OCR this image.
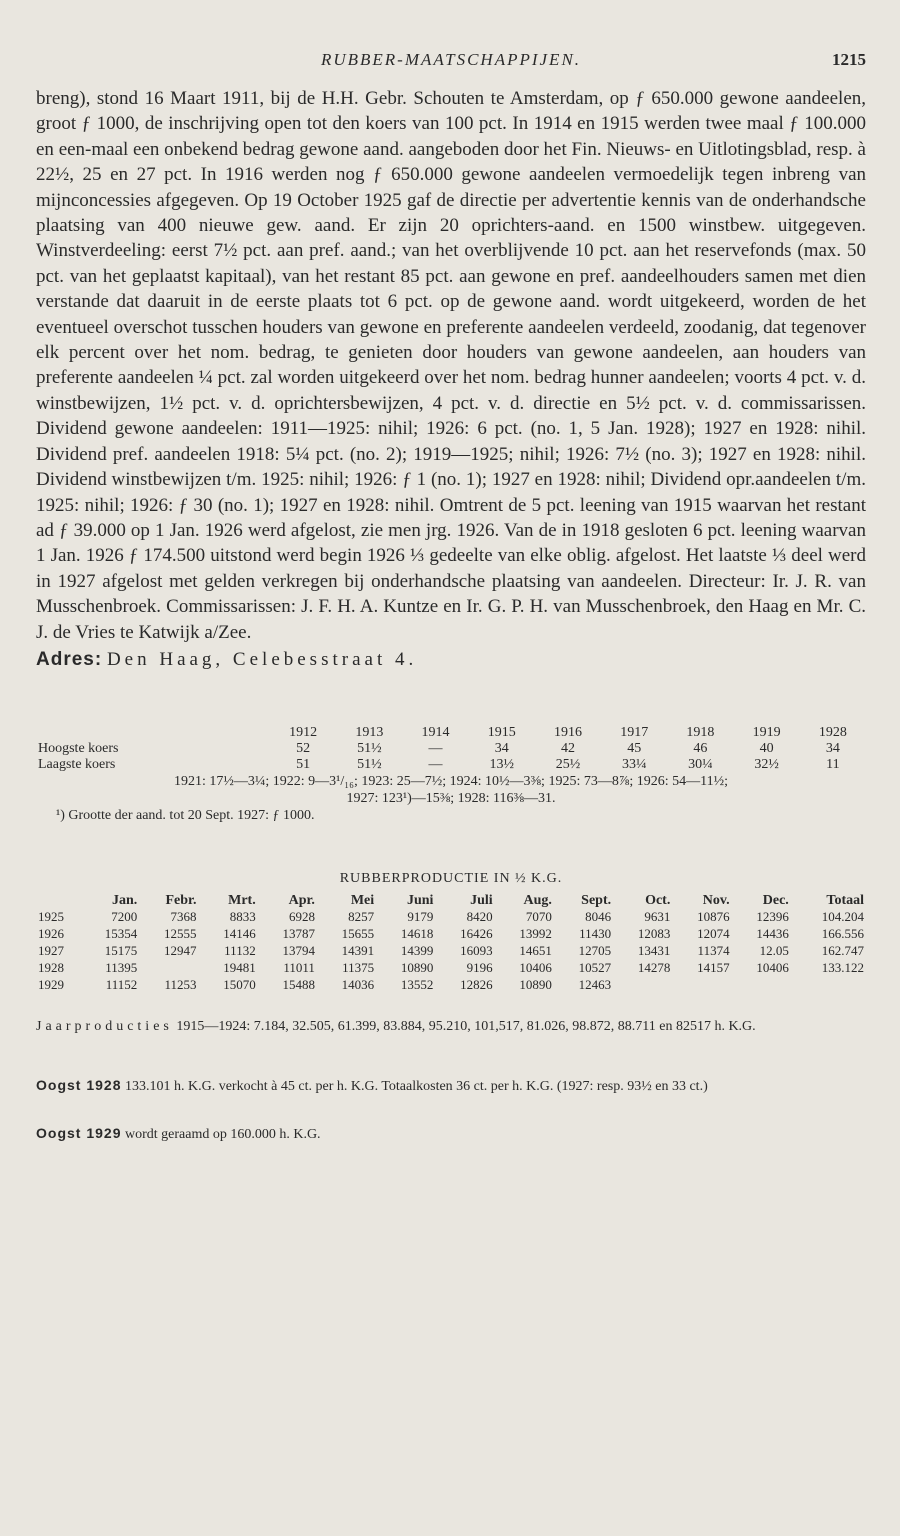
RUBBER-MAATSCHAPPIJEN.	1215

breng), stond 16 Maart 1911, bij de H.H. Gebr. Schouten te Amsterdam, op ƒ 650.000 gewone aandeelen, groot ƒ 1000, de inschrijving open tot den koers van 100 pct. In 1914 en 1915 werden twee maal ƒ 100.000 en een-maal een onbekend bedrag gewone aand. aangeboden door het Fin. Nieuws- en Uitlotingsblad, resp. à 22½, 25 en 27 pct. In 1916 werden nog ƒ 650.000 gewone aandeelen vermoedelijk tegen inbreng van mijnconcessies afgegeven. Op 19 October 1925 gaf de directie per advertentie kennis van de onderhandsche plaatsing van 400 nieuwe gew. aand. Er zijn 20 oprichters-aand. en 1500 winstbew. uitgegeven. Winstverdeeling: eerst 7½ pct. aan pref. aand.; van het overblijvende 10 pct. aan het reservefonds (max. 50 pct. van het geplaatst kapitaal), van het restant 85 pct. aan gewone en pref. aandeelhouders samen met dien verstande dat daaruit in de eerste plaats tot 6 pct. op de gewone aand. wordt uitgekeerd, worden de het eventueel overschot tusschen houders van gewone en preferente aandeelen verdeeld, zoodanig, dat tegenover elk percent over het nom. bedrag, te genieten door houders van gewone aandeelen, aan houders van preferente aandeelen ¼ pct. zal worden uitgekeerd over het nom. bedrag hunner aandeelen; voorts 4 pct. v. d. winstbewijzen, 1½ pct. v. d. oprichtersbewijzen, 4 pct. v. d. directie en 5½ pct. v. d. commissarissen. Dividend gewone aandeelen: 1911—1925: nihil; 1926: 6 pct. (no. 1, 5 Jan. 1928); 1927 en 1928: nihil. Dividend pref. aandeelen 1918: 5¼ pct. (no. 2); 1919—1925; nihil; 1926: 7½ (no. 3); 1927 en 1928: nihil. Dividend winstbewijzen t/m. 1925: nihil; 1926: ƒ 1 (no. 1); 1927 en 1928: nihil; Dividend opr.aandeelen t/m. 1925: nihil; 1926: ƒ 30 (no. 1); 1927 en 1928: nihil. Omtrent de 5 pct. leening van 1915 waarvan het restant ad ƒ 39.000 op 1 Jan. 1926 werd afgelost, zie men jrg. 1926. Van de in 1918 gesloten 6 pct. leening waarvan 1 Jan. 1926 ƒ 174.500 uitstond werd begin 1926 ⅓ gedeelte van elke oblig. afgelost. Het laatste ⅓ deel werd in 1927 afgelost met gelden verkregen bij onderhandsche plaatsing van aandeelen. Directeur: Ir. J. R. van Musschenbroek. Commissarissen: J. F. H. A. Kuntze en Ir. G. P. H. van Musschenbroek, den Haag en Mr. C. J. de Vries te Katwijk a/Zee.

Adres: Den Haag, Celebesstraat 4.
	1912	1913	1914	1915	1916	1917	1918	1919	1928
Hoogste koers	52	51½	—	34	42	45	46	40	34
Laagste koers	51	51½	—	13½	25½	33¼	30¼	32½	11
1921: 17½—3¼; 1922: 9—3¹/₁₆; 1923: 25—7½; 1924: 10½—3⅜; 1925: 73—8⅞; 1926: 54—11½;
1927: 123¹)—15⅜; 1928: 116⅜—31.
¹) Grootte der aand. tot 20 Sept. 1927: ƒ 1000.
RUBBERPRODUCTIE IN ½ K.G.
	Jan.	Febr.	Mrt.	Apr.	Mei	Juni	Juli	Aug.	Sept.	Oct.	Nov.	Dec.	Totaal
1925	7200	7368	8833	6928	8257	9179	8420	7070	8046	9631	10876	12396	104.204
1926	15354	12555	14146	13787	15655	14618	16426	13992	11430	12083	12074	14436	166.556
1927	15175	12947	11132	13794	14391	14399	16093	14651	12705	13431	11374	12.05	162.747
1928	11395		19481	11011	11375	10890	9196	10406	10527	14278	14157	10406	133.122
1929	11152	11253	15070	15488	14036	13552	12826	10890	12463				

Jaarproducties 1915—1924: 7.184, 32.505, 61.399, 83.884, 95.210, 101,517, 81.026, 98.872, 88.711 en 82517 h. K.G.

Oogst 1928 133.101 h. K.G. verkocht à 45 ct. per h. K.G. Totaalkosten 36 ct. per h. K.G. (1927: resp. 93½ en 33 ct.)

Oogst 1929 wordt geraamd op 160.000 h. K.G.
